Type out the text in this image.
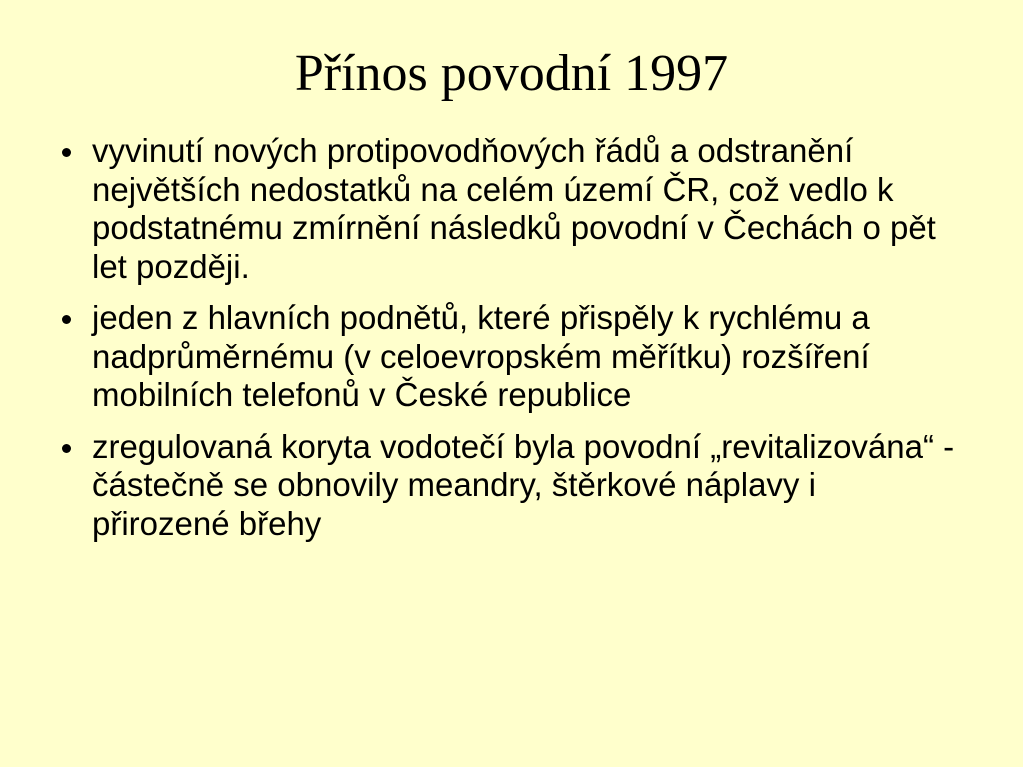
Přínos povodní 1997
vyvinutí nových protipovodňových řádů a odstranění největších nedostatků na celém území ČR, což vedlo k podstatnému zmírnění následků povodní v Čechách o pět let později.
jeden z hlavních podnětů, které přispěly k rychlému a nadprůměrnému (v celoevropském měřítku) rozšíření mobilních telefonů v České republice
zregulovaná koryta vodotečí byla povodní „revitalizována“ - částečně se obnovily meandry, štěrkové náplavy i přirozené břehy
